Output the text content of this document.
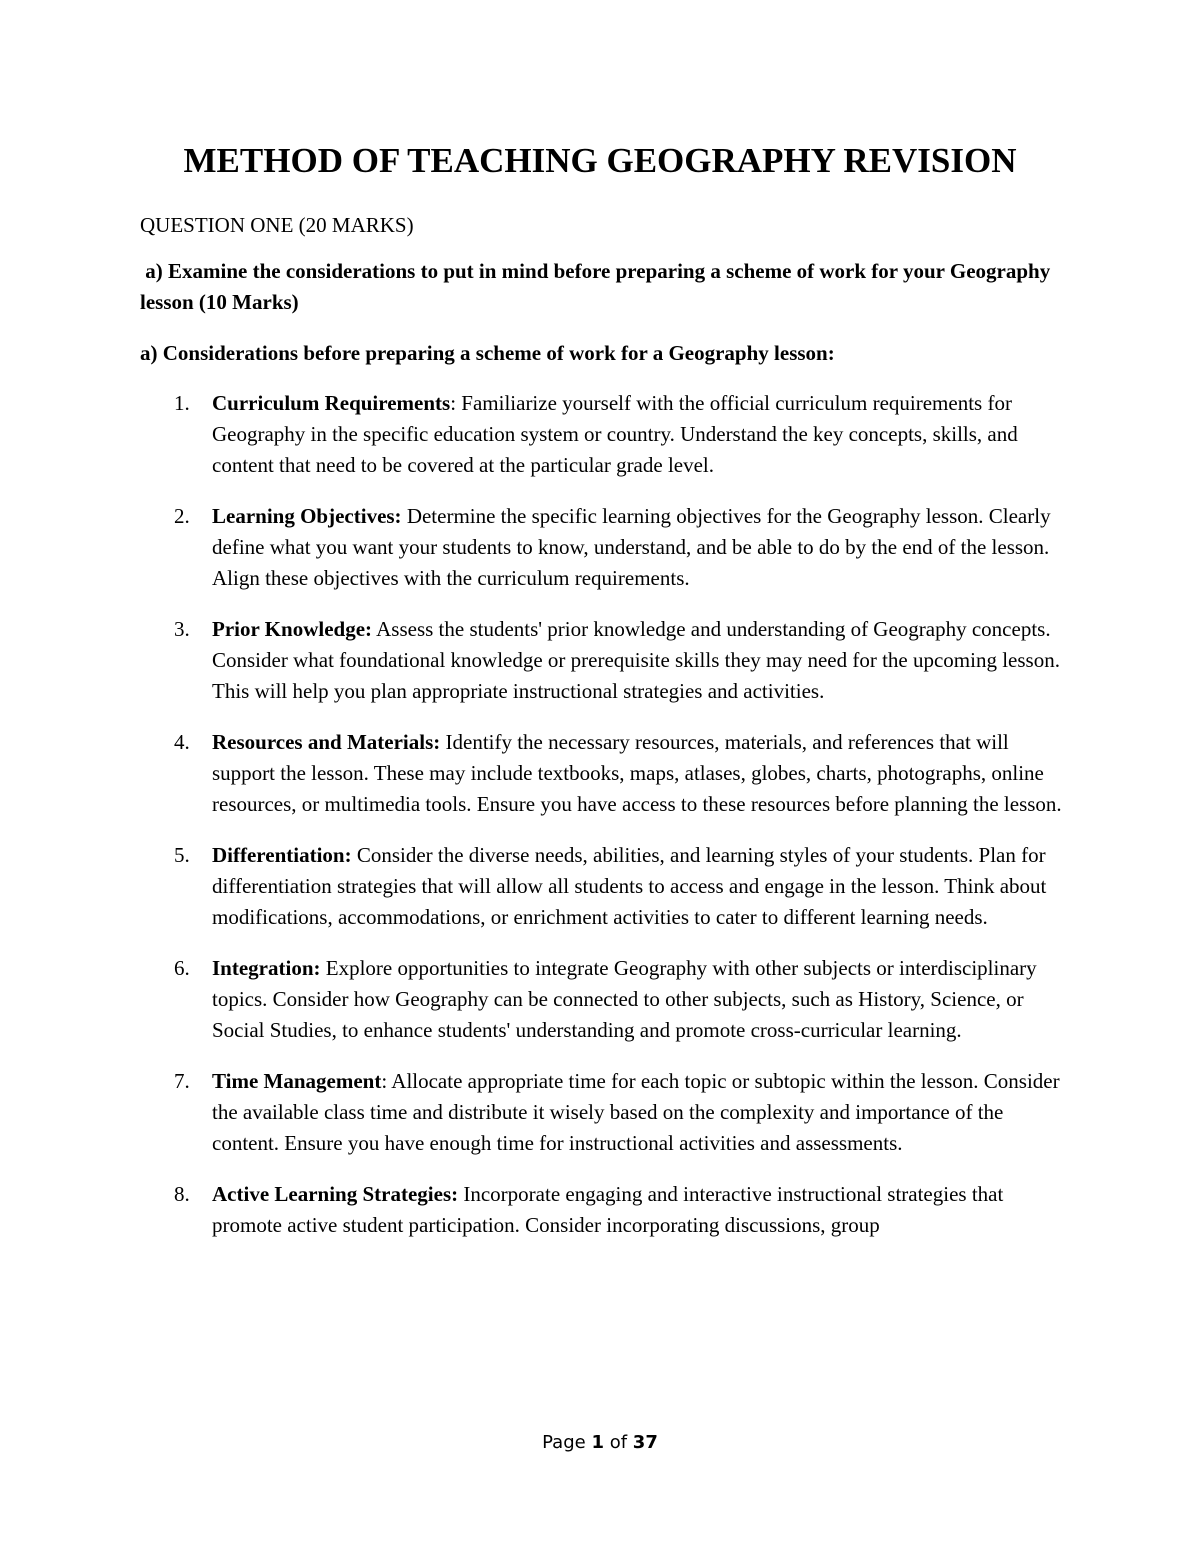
METHOD OF TEACHING GEOGRAPHY REVISION

QUESTION ONE (20 MARKS)

a) Examine the considerations to put in mind before preparing a scheme of work for your Geography lesson (10 Marks)

a) Considerations before preparing a scheme of work for a Geography lesson:

1. Curriculum Requirements: Familiarize yourself with the official curriculum requirements for Geography in the specific education system or country. Understand the key concepts, skills, and content that need to be covered at the particular grade level.
2. Learning Objectives: Determine the specific learning objectives for the Geography lesson. Clearly define what you want your students to know, understand, and be able to do by the end of the lesson. Align these objectives with the curriculum requirements.
3. Prior Knowledge: Assess the students' prior knowledge and understanding of Geography concepts. Consider what foundational knowledge or prerequisite skills they may need for the upcoming lesson. This will help you plan appropriate instructional strategies and activities.
4. Resources and Materials: Identify the necessary resources, materials, and references that will support the lesson. These may include textbooks, maps, atlases, globes, charts, photographs, online resources, or multimedia tools. Ensure you have access to these resources before planning the lesson.
5. Differentiation: Consider the diverse needs, abilities, and learning styles of your students. Plan for differentiation strategies that will allow all students to access and engage in the lesson. Think about modifications, accommodations, or enrichment activities to cater to different learning needs.
6. Integration: Explore opportunities to integrate Geography with other subjects or interdisciplinary topics. Consider how Geography can be connected to other subjects, such as History, Science, or Social Studies, to enhance students' understanding and promote cross-curricular learning.
7. Time Management: Allocate appropriate time for each topic or subtopic within the lesson. Consider the available class time and distribute it wisely based on the complexity and importance of the content. Ensure you have enough time for instructional activities and assessments.
8. Active Learning Strategies: Incorporate engaging and interactive instructional strategies that promote active student participation. Consider incorporating discussions, group
Page 1 of 37
